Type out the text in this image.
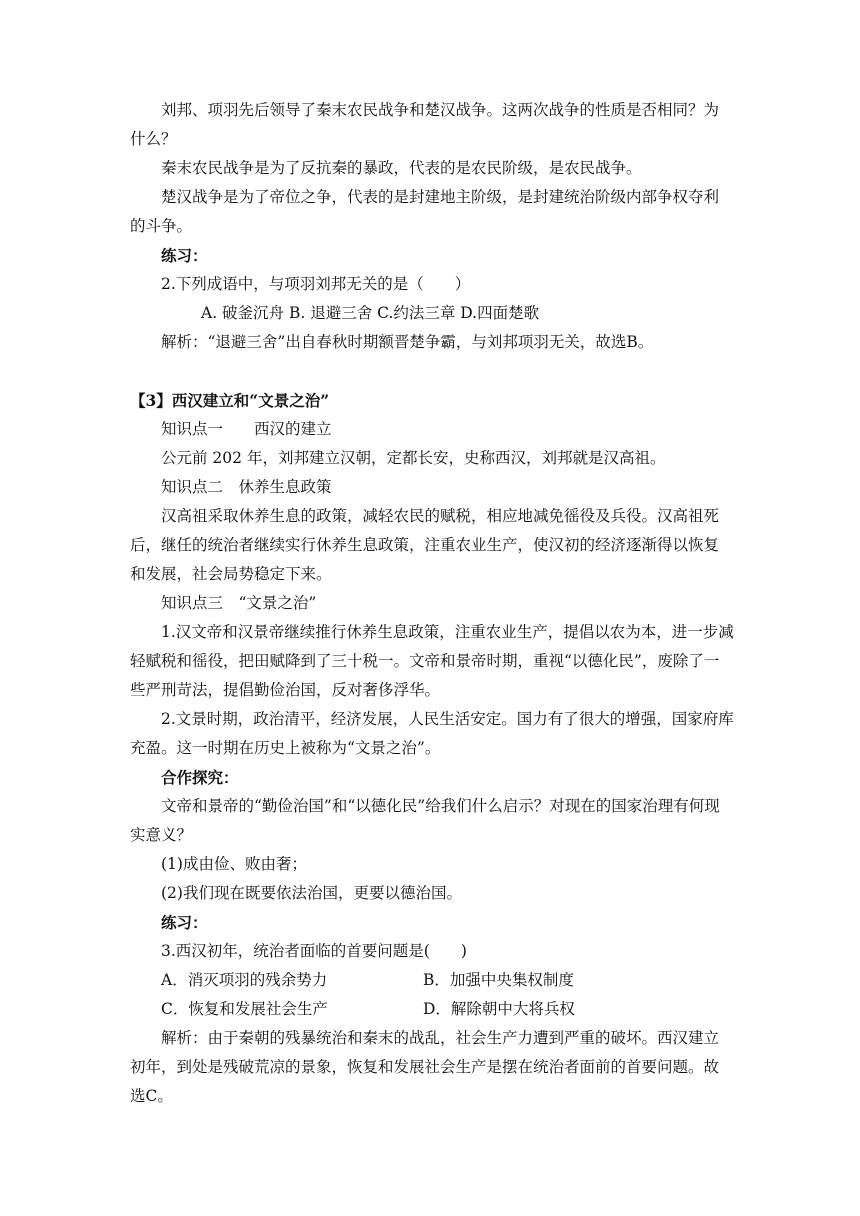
刘邦、项羽先后领导了秦末农民战争和楚汉战争。这两次战争的性质是否相同？为什么？

秦末农民战争是为了反抗秦的暴政，代表的是农民阶级，是农民战争。

楚汉战争是为了帝位之争，代表的是封建地主阶级，是封建统治阶级内部争权夺利的斗争。

练习：

2.下列成语中，与项羽刘邦无关的是（　　）

A. 破釜沉舟 B. 退避三舍 C.约法三章 D.四面楚歌

解析：“退避三舍”出自春秋时期额晋楚争霸，与刘邦项羽无关，故选B。

【3】西汉建立和“文景之治”

知识点一　　西汉的建立

公元前 202 年，刘邦建立汉朝，定都长安，史称西汉，刘邦就是汉高祖。

知识点二　休养生息政策

汉高祖采取休养生息的政策，减轻农民的赋税，相应地减免徭役及兵役。汉高祖死后，继任的统治者继续实行休养生息政策，注重农业生产，使汉初的经济逐渐得以恢复和发展，社会局势稳定下来。

知识点三　“文景之治”

1.汉文帝和汉景帝继续推行休养生息政策，注重农业生产，提倡以农为本，进一步减轻赋税和徭役，把田赋降到了三十税一。文帝和景帝时期，重视“以德化民”，废除了一些严刑苛法，提倡勤俭治国，反对奢侈浮华。

2.文景时期，政治清平，经济发展，人民生活安定。国力有了很大的增强，国家府库充盈。这一时期在历史上被称为“文景之治”。

合作探究：

文帝和景帝的“勤俭治国”和“以德化民”给我们什么启示？对现在的国家治理有何现实意义？

(1)成由俭、败由奢；

(2)我们现在既要依法治国，更要以德治国。

练习：

3.西汉初年，统治者面临的首要问题是(　　)

A．消灭项羽的残余势力	B．加强中央集权制度
C．恢复和发展社会生产	D．解除朝中大将兵权

解析：由于秦朝的残暴统治和秦末的战乱，社会生产力遭到严重的破坏。西汉建立初年，到处是残破荒凉的景象，恢复和发展社会生产是摆在统治者面前的首要问题。故选C。
